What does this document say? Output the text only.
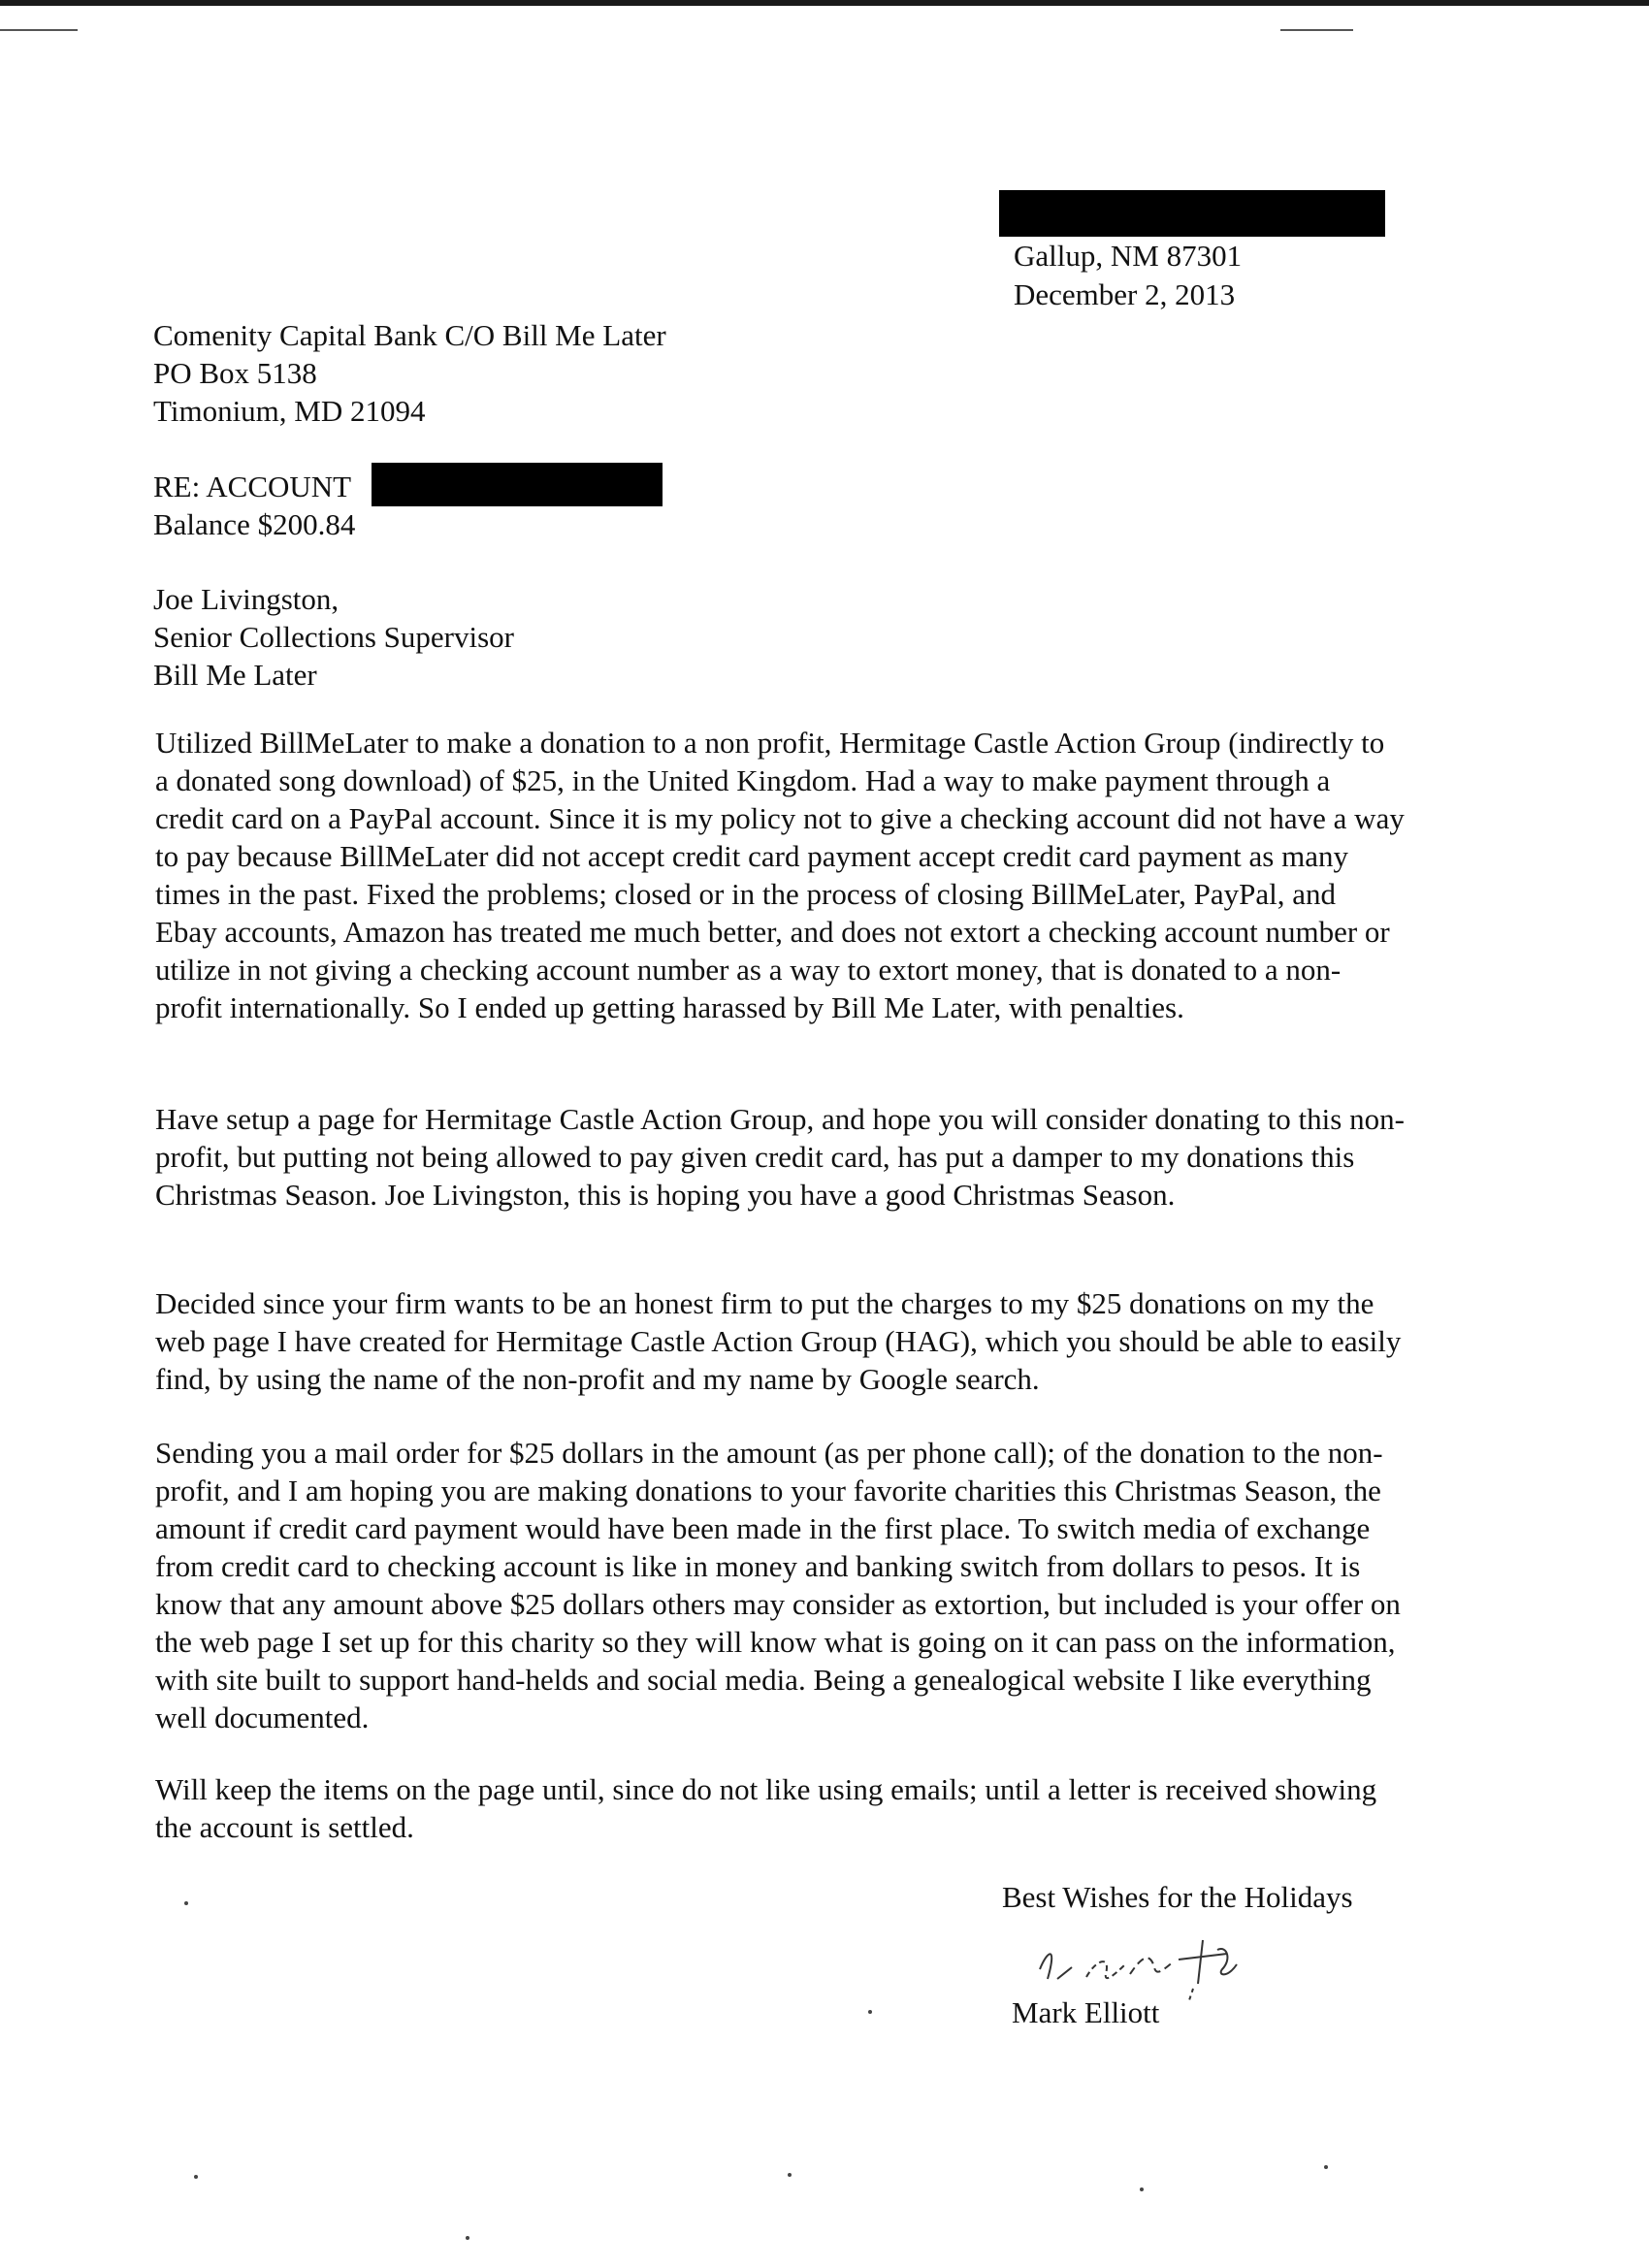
Gallup, NM 87301
December 2, 2013
Comenity Capital Bank C/O Bill Me Later
PO Box 5138
Timonium, MD 21094
RE: ACCOUNT
Balance $200.84
Joe Livingston,
Senior Collections Supervisor
Bill Me Later
Utilized BillMeLater to make a donation to a non profit, Hermitage Castle Action Group (indirectly to
a donated song download) of $25, in the United Kingdom. Had a way to make payment through a
credit card on a PayPal account. Since it is my policy not to give a checking account did not have a way
to pay because BillMeLater did not accept credit card payment accept credit card payment as many
times in the past. Fixed the problems; closed or in the process of closing BillMeLater, PayPal, and
Ebay accounts, Amazon has treated me much better, and does not extort a checking account number or
utilize in not giving a checking account number as a way to extort money, that is donated to a non-
profit internationally. So I ended up getting harassed by Bill Me Later, with penalties.
Have setup a page for Hermitage Castle Action Group, and hope you will consider donating to this non-
profit, but putting not being allowed to pay given credit card, has put a damper to my donations this
Christmas Season. Joe Livingston, this is hoping you have a good Christmas Season.
Decided since your firm wants to be an honest firm to put the charges to my $25 donations on my the
web page I have created for Hermitage Castle Action Group (HAG), which you should be able to easily
find, by using the name of the non-profit and my name by Google search.
Sending you a mail order for $25 dollars in the amount (as per phone call); of the donation to the non-
profit, and I am hoping you are making donations to your favorite charities this Christmas Season, the
amount if credit card payment would have been made in the first place. To switch media of exchange
from credit card to checking account is like in money and banking switch from dollars to pesos. It is
know that any amount above $25 dollars others may consider as extortion, but included is your offer on
the web page I set up for this charity so they will know what is going on it can pass on the information,
with site built to support hand-helds and social media. Being a genealogical website I like everything
well documented.
Will keep the items on the page until, since do not like using emails; until a letter is received showing
the account is settled.
Best Wishes for the Holidays
Mark Elliott
